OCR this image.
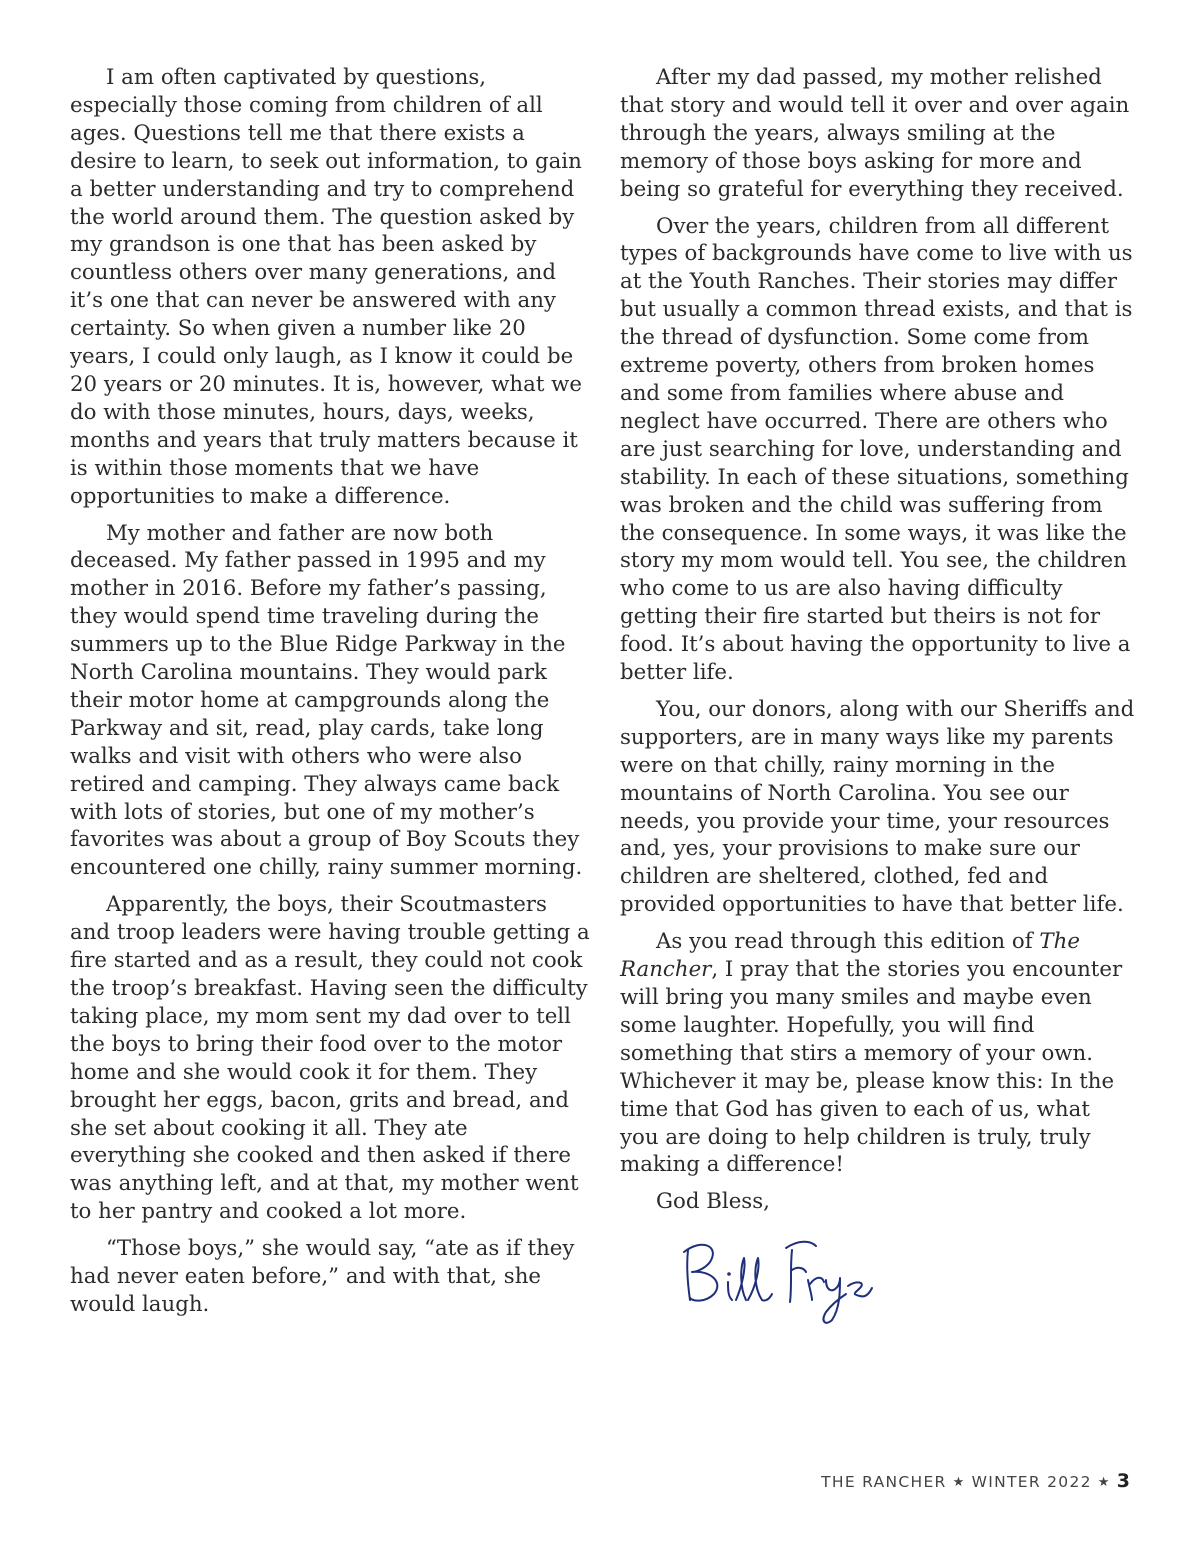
I am often captivated by questions, especially those coming from children of all ages. Questions tell me that there exists a desire to learn, to seek out information, to gain a better understanding and try to comprehend the world around them. The question asked by my grandson is one that has been asked by countless others over many generations, and it’s one that can never be answered with any certainty. So when given a number like 20 years, I could only laugh, as I know it could be 20 years or 20 minutes. It is, however, what we do with those minutes, hours, days, weeks, months and years that truly matters because it is within those moments that we have opportunities to make a difference.

My mother and father are now both deceased. My father passed in 1995 and my mother in 2016. Before my father’s passing, they would spend time traveling during the summers up to the Blue Ridge Parkway in the North Carolina mountains. They would park their motor home at campgrounds along the Parkway and sit, read, play cards, take long walks and visit with others who were also retired and camping. They always came back with lots of stories, but one of my mother’s favorites was about a group of Boy Scouts they encountered one chilly, rainy summer morning.

Apparently, the boys, their Scoutmasters and troop leaders were having trouble getting a fire started and as a result, they could not cook the troop’s breakfast. Having seen the difficulty taking place, my mom sent my dad over to tell the boys to bring their food over to the motor home and she would cook it for them. They brought her eggs, bacon, grits and bread, and she set about cooking it all. They ate everything she cooked and then asked if there was anything left, and at that, my mother went to her pantry and cooked a lot more.

“Those boys,” she would say, “ate as if they had never eaten before,” and with that, she would laugh.

After my dad passed, my mother relished that story and would tell it over and over again through the years, always smiling at the memory of those boys asking for more and being so grateful for everything they received.

Over the years, children from all different types of backgrounds have come to live with us at the Youth Ranches. Their stories may differ but usually a common thread exists, and that is the thread of dysfunction. Some come from extreme poverty, others from broken homes and some from families where abuse and neglect have occurred. There are others who are just searching for love, understanding and stability. In each of these situations, something was broken and the child was suffering from the consequence. In some ways, it was like the story my mom would tell. You see, the children who come to us are also having difficulty getting their fire started but theirs is not for food. It’s about having the opportunity to live a better life.

You, our donors, along with our Sheriffs and supporters, are in many ways like my parents were on that chilly, rainy morning in the mountains of North Carolina. You see our needs, you provide your time, your resources and, yes, your provisions to make sure our children are sheltered, clothed, fed and provided opportunities to have that better life.

As you read through this edition of The Rancher, I pray that the stories you encounter will bring you many smiles and maybe even some laughter. Hopefully, you will find something that stirs a memory of your own. Whichever it may be, please know this: In the time that God has given to each of us, what you are doing to help children is truly, truly making a difference!

God Bless,

THE RANCHER ★ WINTER 2022 ★ 3
